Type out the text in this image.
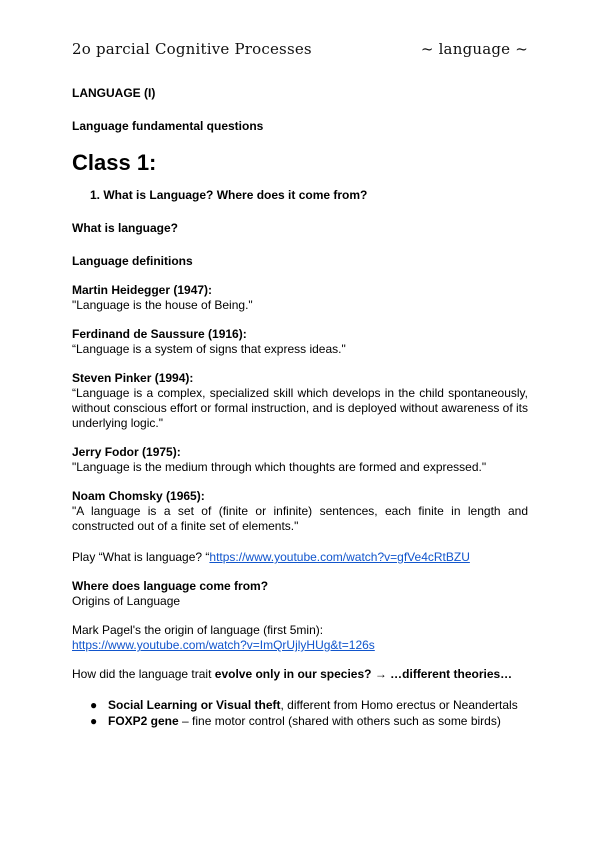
2o parcial Cognitive Processes	~ language ~

LANGUAGE (I)

Language fundamental questions

Class 1:

1. What is Language? Where does it come from?

What is language?

Language definitions

Martin Heidegger (1947):

"Language is the house of Being."

Ferdinand de Saussure (1916):

“Language is a system of signs that express ideas."

Steven Pinker (1994):

“Language is a complex, specialized skill which develops in the child spontaneously, without conscious effort or formal instruction, and is deployed without awareness of its underlying logic."

Jerry Fodor (1975):

"Language is the medium through which thoughts are formed and expressed."

Noam Chomsky (1965):

"A language is a set of (finite or infinite) sentences, each finite in length and constructed out of a finite set of elements."

Play “What is language? “https://www.youtube.com/watch?v=gfVe4cRtBZU

Where does language come from?

Origins of Language

Mark Pagel's the origin of language (first 5min):

https://www.youtube.com/watch?v=ImQrUjlyHUg&t=126s

How did the language trait evolve only in our species? → …different theories…

● Social Learning or Visual theft, different from Homo erectus or Neandertals
● FOXP2 gene – fine motor control (shared with others such as some birds)
